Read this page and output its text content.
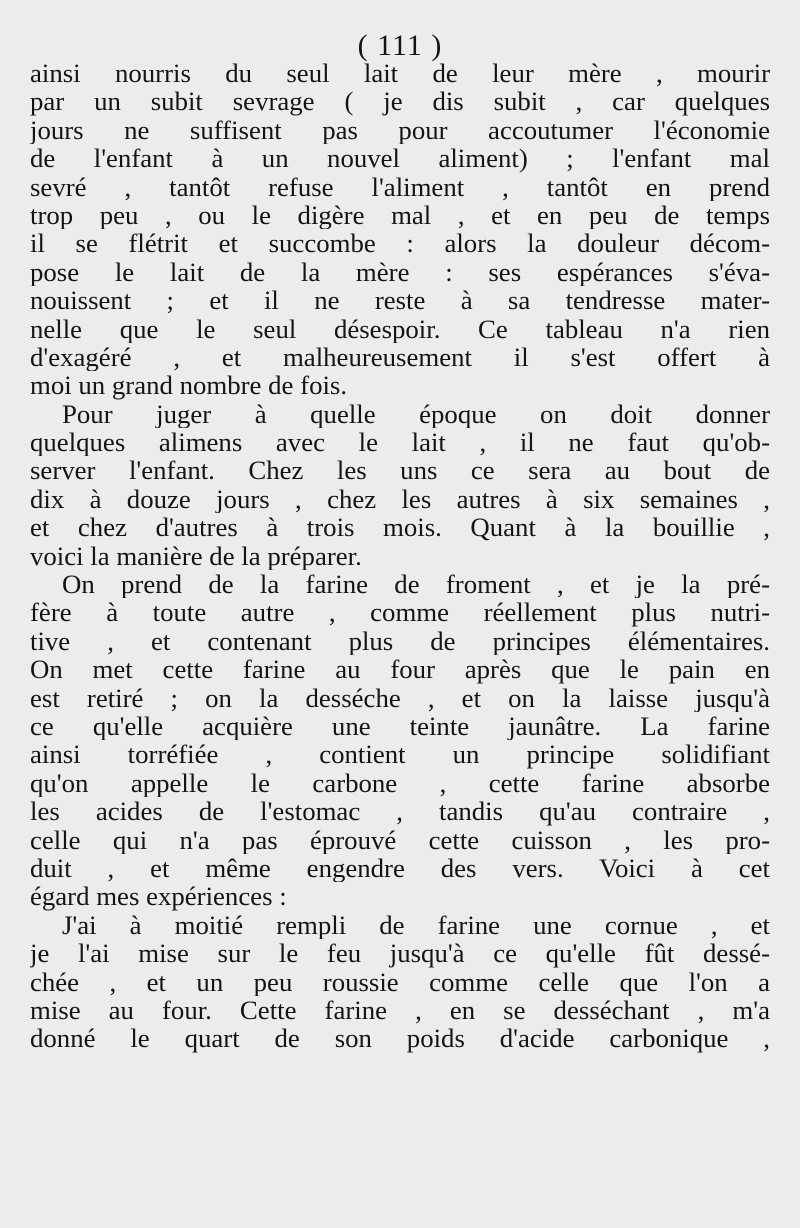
( 111 )
ainsi nourris du seul lait de leur mère , mourir
par un subit sevrage ( je dis subit , car quelques
jours ne suffisent pas pour accoutumer l'économie
de l'enfant à un nouvel aliment) ; l'enfant mal
sevré , tantôt refuse l'aliment , tantôt en prend
trop peu , ou le digère mal , et en peu de temps
il se flétrit et succombe : alors la douleur décom-
pose le lait de la mère : ses espérances s'éva-
nouissent ; et il ne reste à sa tendresse mater-
nelle que le seul désespoir. Ce tableau n'a rien
d'exagéré , et malheureusement il s'est offert à
moi un grand nombre de fois.
Pour juger à quelle époque on doit donner
quelques alimens avec le lait , il ne faut qu'ob-
server l'enfant. Chez les uns ce sera au bout de
dix à douze jours , chez les autres à six semaines ,
et chez d'autres à trois mois. Quant à la bouillie ,
voici la manière de la préparer.
On prend de la farine de froment , et je la pré-
fère à toute autre , comme réellement plus nutri-
tive , et contenant plus de principes élémentaires.
On met cette farine au four après que le pain en
est retiré ; on la desséche , et on la laisse jusqu'à
ce qu'elle acquière une teinte jaunâtre. La farine
ainsi torréfiée , contient un principe solidifiant
qu'on appelle le carbone , cette farine absorbe
les acides de l'estomac , tandis qu'au contraire ,
celle qui n'a pas éprouvé cette cuisson , les pro-
duit , et même engendre des vers. Voici à cet
égard mes expériences :
J'ai à moitié rempli de farine une cornue , et
je l'ai mise sur le feu jusqu'à ce qu'elle fût dessé-
chée , et un peu roussie comme celle que l'on a
mise au four. Cette farine , en se desséchant , m'a
donné le quart de son poids d'acide carbonique ,
